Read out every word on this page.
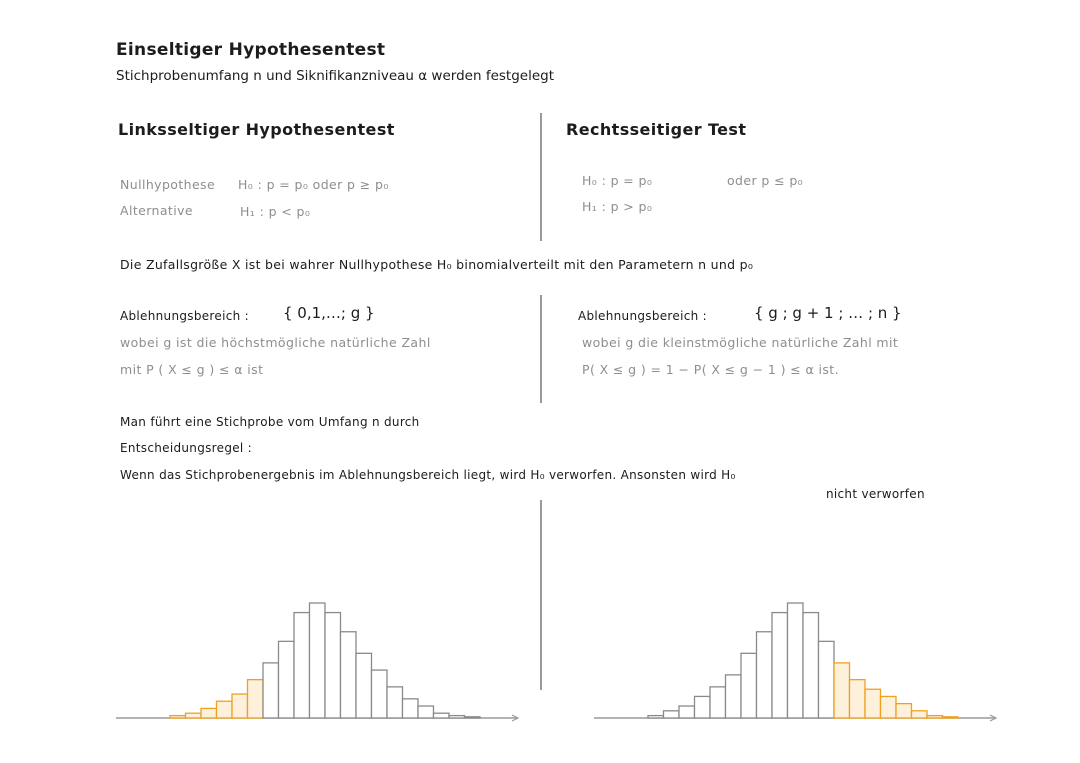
Einseltiger Hypothesentest
Stichprobenumfang n und Siknifikanzniveau α werden festgelegt
Linksseltiger Hypothesentest
Nullhypothese H₀ : p = p₀ oder p ≥ p₀
Alternative	H₁ : p < p₀
Rechtsseitiger Test
H₀ : p = p₀	oder p ≤ p₀
H₁ : p > p₀
Die Zufallsgröße X ist bei wahrer Nullhypothese H₀ binomialverteilt mit den Parametern n und p₀
Ablehnungsbereich : { 0,1,…; g }
wobei g ist die höchstmögliche natürliche Zahl
mit P ( X ≤ g ) ≤ α ist
Ablehnungsbereich :	{ g ; g + 1 ; … ; n }
wobei g die kleinstmögliche natürliche Zahl mit
P( X ≤ g ) = 1 − P( X ≤ g − 1 ) ≤ α ist.
Man führt eine Stichprobe vom Umfang n durch
Entscheidungsregel :
Wenn das Stichprobenergebnis im Ablehnungsbereich liegt, wird H₀ verworfen. Ansonsten wird H₀
nicht verworfen
